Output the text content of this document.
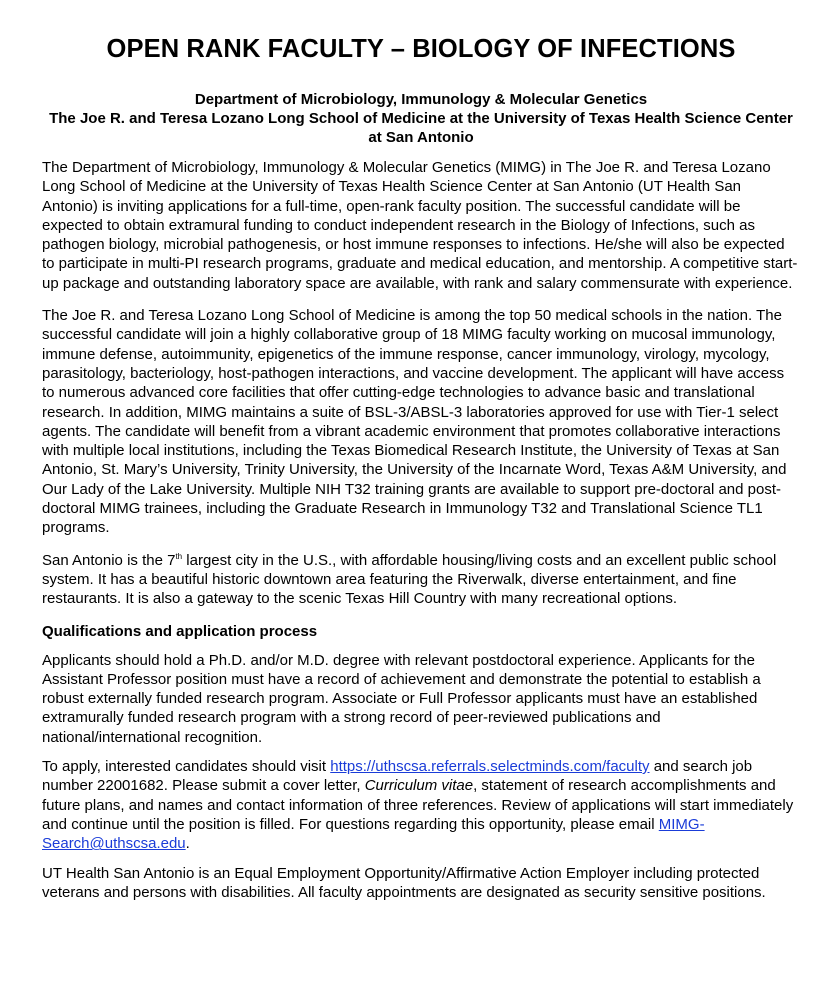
OPEN RANK FACULTY – BIOLOGY OF INFECTIONS
Department of Microbiology, Immunology & Molecular Genetics
The Joe R. and Teresa Lozano Long School of Medicine at the University of Texas Health Science Center at San Antonio

The Department of Microbiology, Immunology & Molecular Genetics (MIMG) in The Joe R. and Teresa Lozano Long School of Medicine at the University of Texas Health Science Center at San Antonio (UT Health San Antonio) is inviting applications for a full-time, open-rank faculty position. The successful candidate will be expected to obtain extramural funding to conduct independent research in the Biology of Infections, such as pathogen biology, microbial pathogenesis, or host immune responses to infections. He/she will also be expected to participate in multi-PI research programs, graduate and medical education, and mentorship. A competitive start-up package and outstanding laboratory space are available, with rank and salary commensurate with experience.

The Joe R. and Teresa Lozano Long School of Medicine is among the top 50 medical schools in the nation. The successful candidate will join a highly collaborative group of 18 MIMG faculty working on mucosal immunology, immune defense, autoimmunity, epigenetics of the immune response, cancer immunology, virology, mycology, parasitology, bacteriology, host-pathogen interactions, and vaccine development. The applicant will have access to numerous advanced core facilities that offer cutting-edge technologies to advance basic and translational research. In addition, MIMG maintains a suite of BSL-3/ABSL-3 laboratories approved for use with Tier-1 select agents. The candidate will benefit from a vibrant academic environment that promotes collaborative interactions with multiple local institutions, including the Texas Biomedical Research Institute, the University of Texas at San Antonio, St. Mary’s University, Trinity University, the University of the Incarnate Word, Texas A&M University, and Our Lady of the Lake University. Multiple NIH T32 training grants are available to support pre-doctoral and post-doctoral MIMG trainees, including the Graduate Research in Immunology T32 and Translational Science TL1 programs.

San Antonio is the 7th largest city in the U.S., with affordable housing/living costs and an excellent public school system. It has a beautiful historic downtown area featuring the Riverwalk, diverse entertainment, and fine restaurants. It is also a gateway to the scenic Texas Hill Country with many recreational options.

Qualifications and application process

Applicants should hold a Ph.D. and/or M.D. degree with relevant postdoctoral experience. Applicants for the Assistant Professor position must have a record of achievement and demonstrate the potential to establish a robust externally funded research program. Associate or Full Professor applicants must have an established extramurally funded research program with a strong record of peer-reviewed publications and national/international recognition.

To apply, interested candidates should visit https://uthscsa.referrals.selectminds.com/faculty and search job number 22001682. Please submit a cover letter, Curriculum vitae, statement of research accomplishments and future plans, and names and contact information of three references. Review of applications will start immediately and continue until the position is filled. For questions regarding this opportunity, please email MIMG-Search@uthscsa.edu.

UT Health San Antonio is an Equal Employment Opportunity/Affirmative Action Employer including protected veterans and persons with disabilities. All faculty appointments are designated as security sensitive positions.
